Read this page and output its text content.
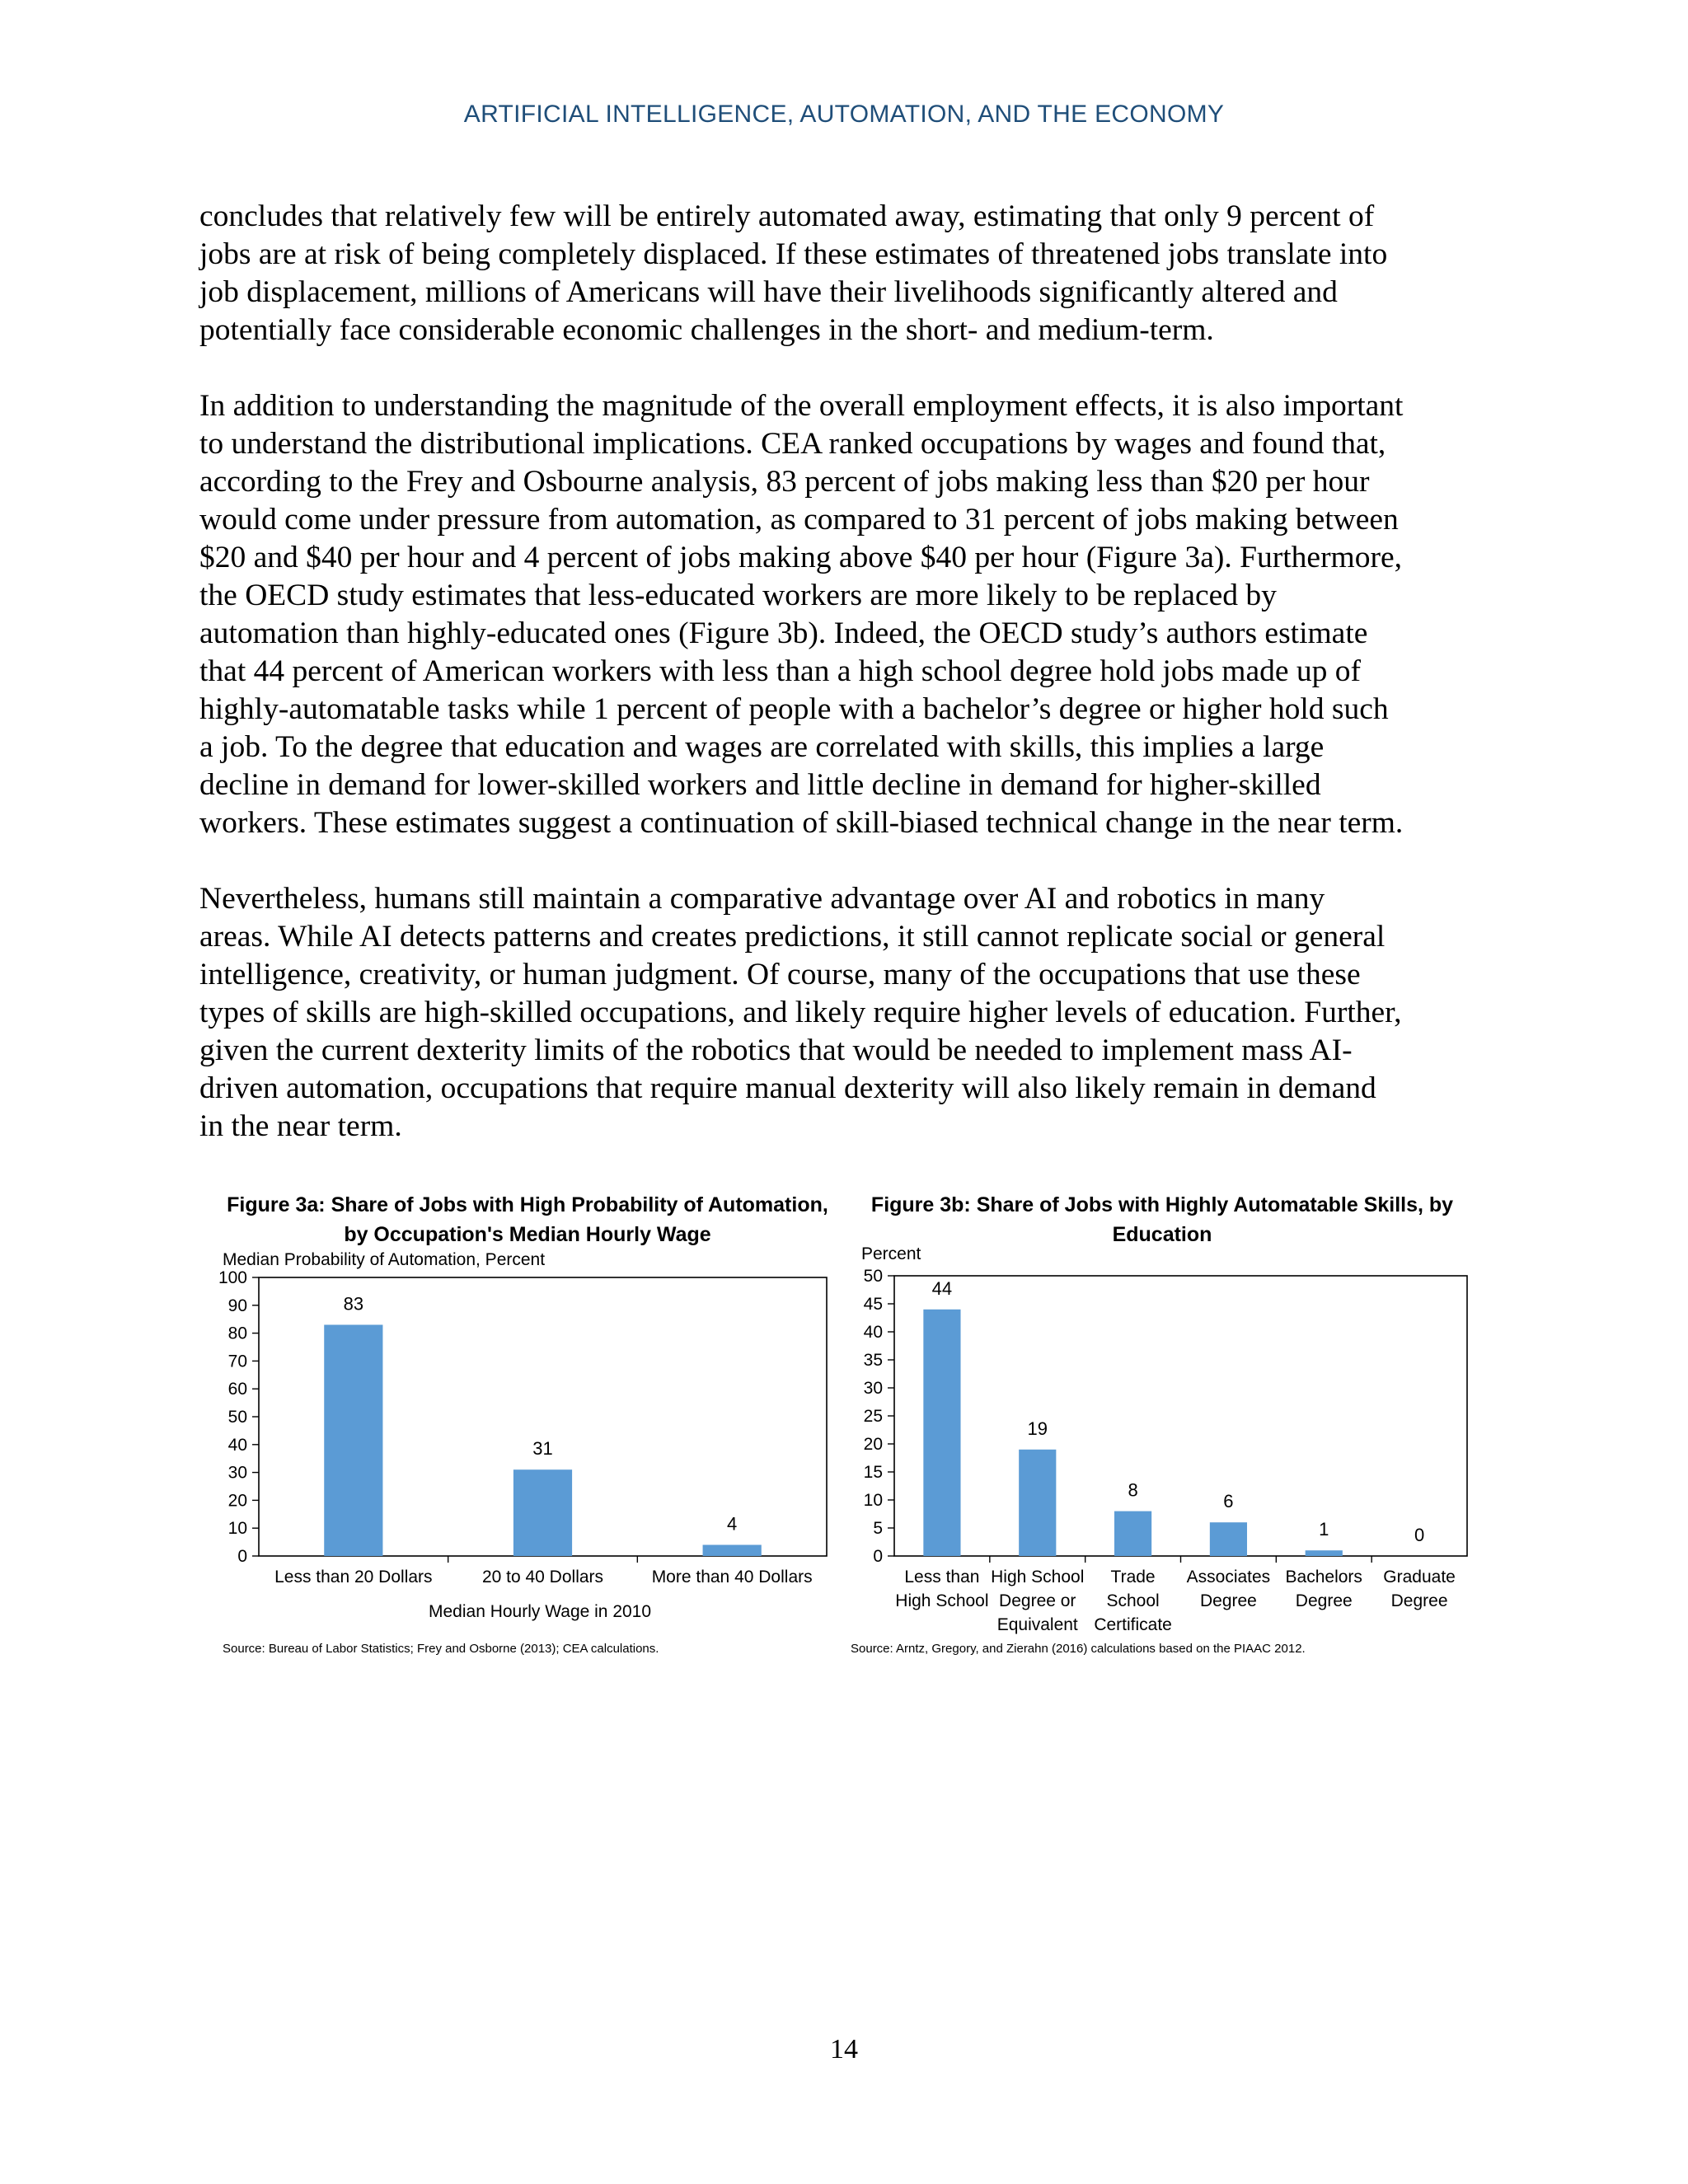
ARTIFICIAL INTELLIGENCE, AUTOMATION, AND THE ECONOMY

concludes that relatively few will be entirely automated away, estimating that only 9 percent of
jobs are at risk of being completely displaced. If these estimates of threatened jobs translate into
job displacement, millions of Americans will have their livelihoods significantly altered and
potentially face considerable economic challenges in the short- and medium-term.

In addition to understanding the magnitude of the overall employment effects, it is also important
to understand the distributional implications. CEA ranked occupations by wages and found that,
according to the Frey and Osbourne analysis, 83 percent of jobs making less than $20 per hour
would come under pressure from automation, as compared to 31 percent of jobs making between
$20 and $40 per hour and 4 percent of jobs making above $40 per hour (Figure 3a). Furthermore,
the OECD study estimates that less-educated workers are more likely to be replaced by
automation than highly-educated ones (Figure 3b). Indeed, the OECD study’s authors estimate
that 44 percent of American workers with less than a high school degree hold jobs made up of
highly-automatable tasks while 1 percent of people with a bachelor’s degree or higher hold such
a job. To the degree that education and wages are correlated with skills, this implies a large
decline in demand for lower-skilled workers and little decline in demand for higher-skilled
workers. These estimates suggest a continuation of skill-biased technical change in the near term.

Nevertheless, humans still maintain a comparative advantage over AI and robotics in many
areas. While AI detects patterns and creates predictions, it still cannot replicate social or general
intelligence, creativity, or human judgment. Of course, many of the occupations that use these
types of skills are high-skilled occupations, and likely require higher levels of education. Further,
given the current dexterity limits of the robotics that would be needed to implement mass AI-
driven automation, occupations that require manual dexterity will also likely remain in demand
in the near term.

Figure 3a: Share of Jobs with High Probability of Automation,
by Occupation's Median Hourly Wage
Median Probability of Automation, Percent
0
10
20
30
40
50
60
70
80
90
100
83
Less than 20 Dollars
31
20 to 40 Dollars
4
More than 40 Dollars
Median Hourly Wage in 2010
Source: Bureau of Labor Statistics; Frey and Osborne (2013); CEA calculations.
Figure 3b: Share of Jobs with Highly Automatable Skills, by
Education
Percent
0
5
10
15
20
25
30
35
40
45
50
44
Less than
High School
19
High School
Degree or
Equivalent
8
Trade
School
Certificate
6
Associates
Degree
1
Bachelors
Degree
0
Graduate
Degree
Source: Arntz, Gregory, and Zierahn (2016) calculations based on the PIAAC 2012.
14
